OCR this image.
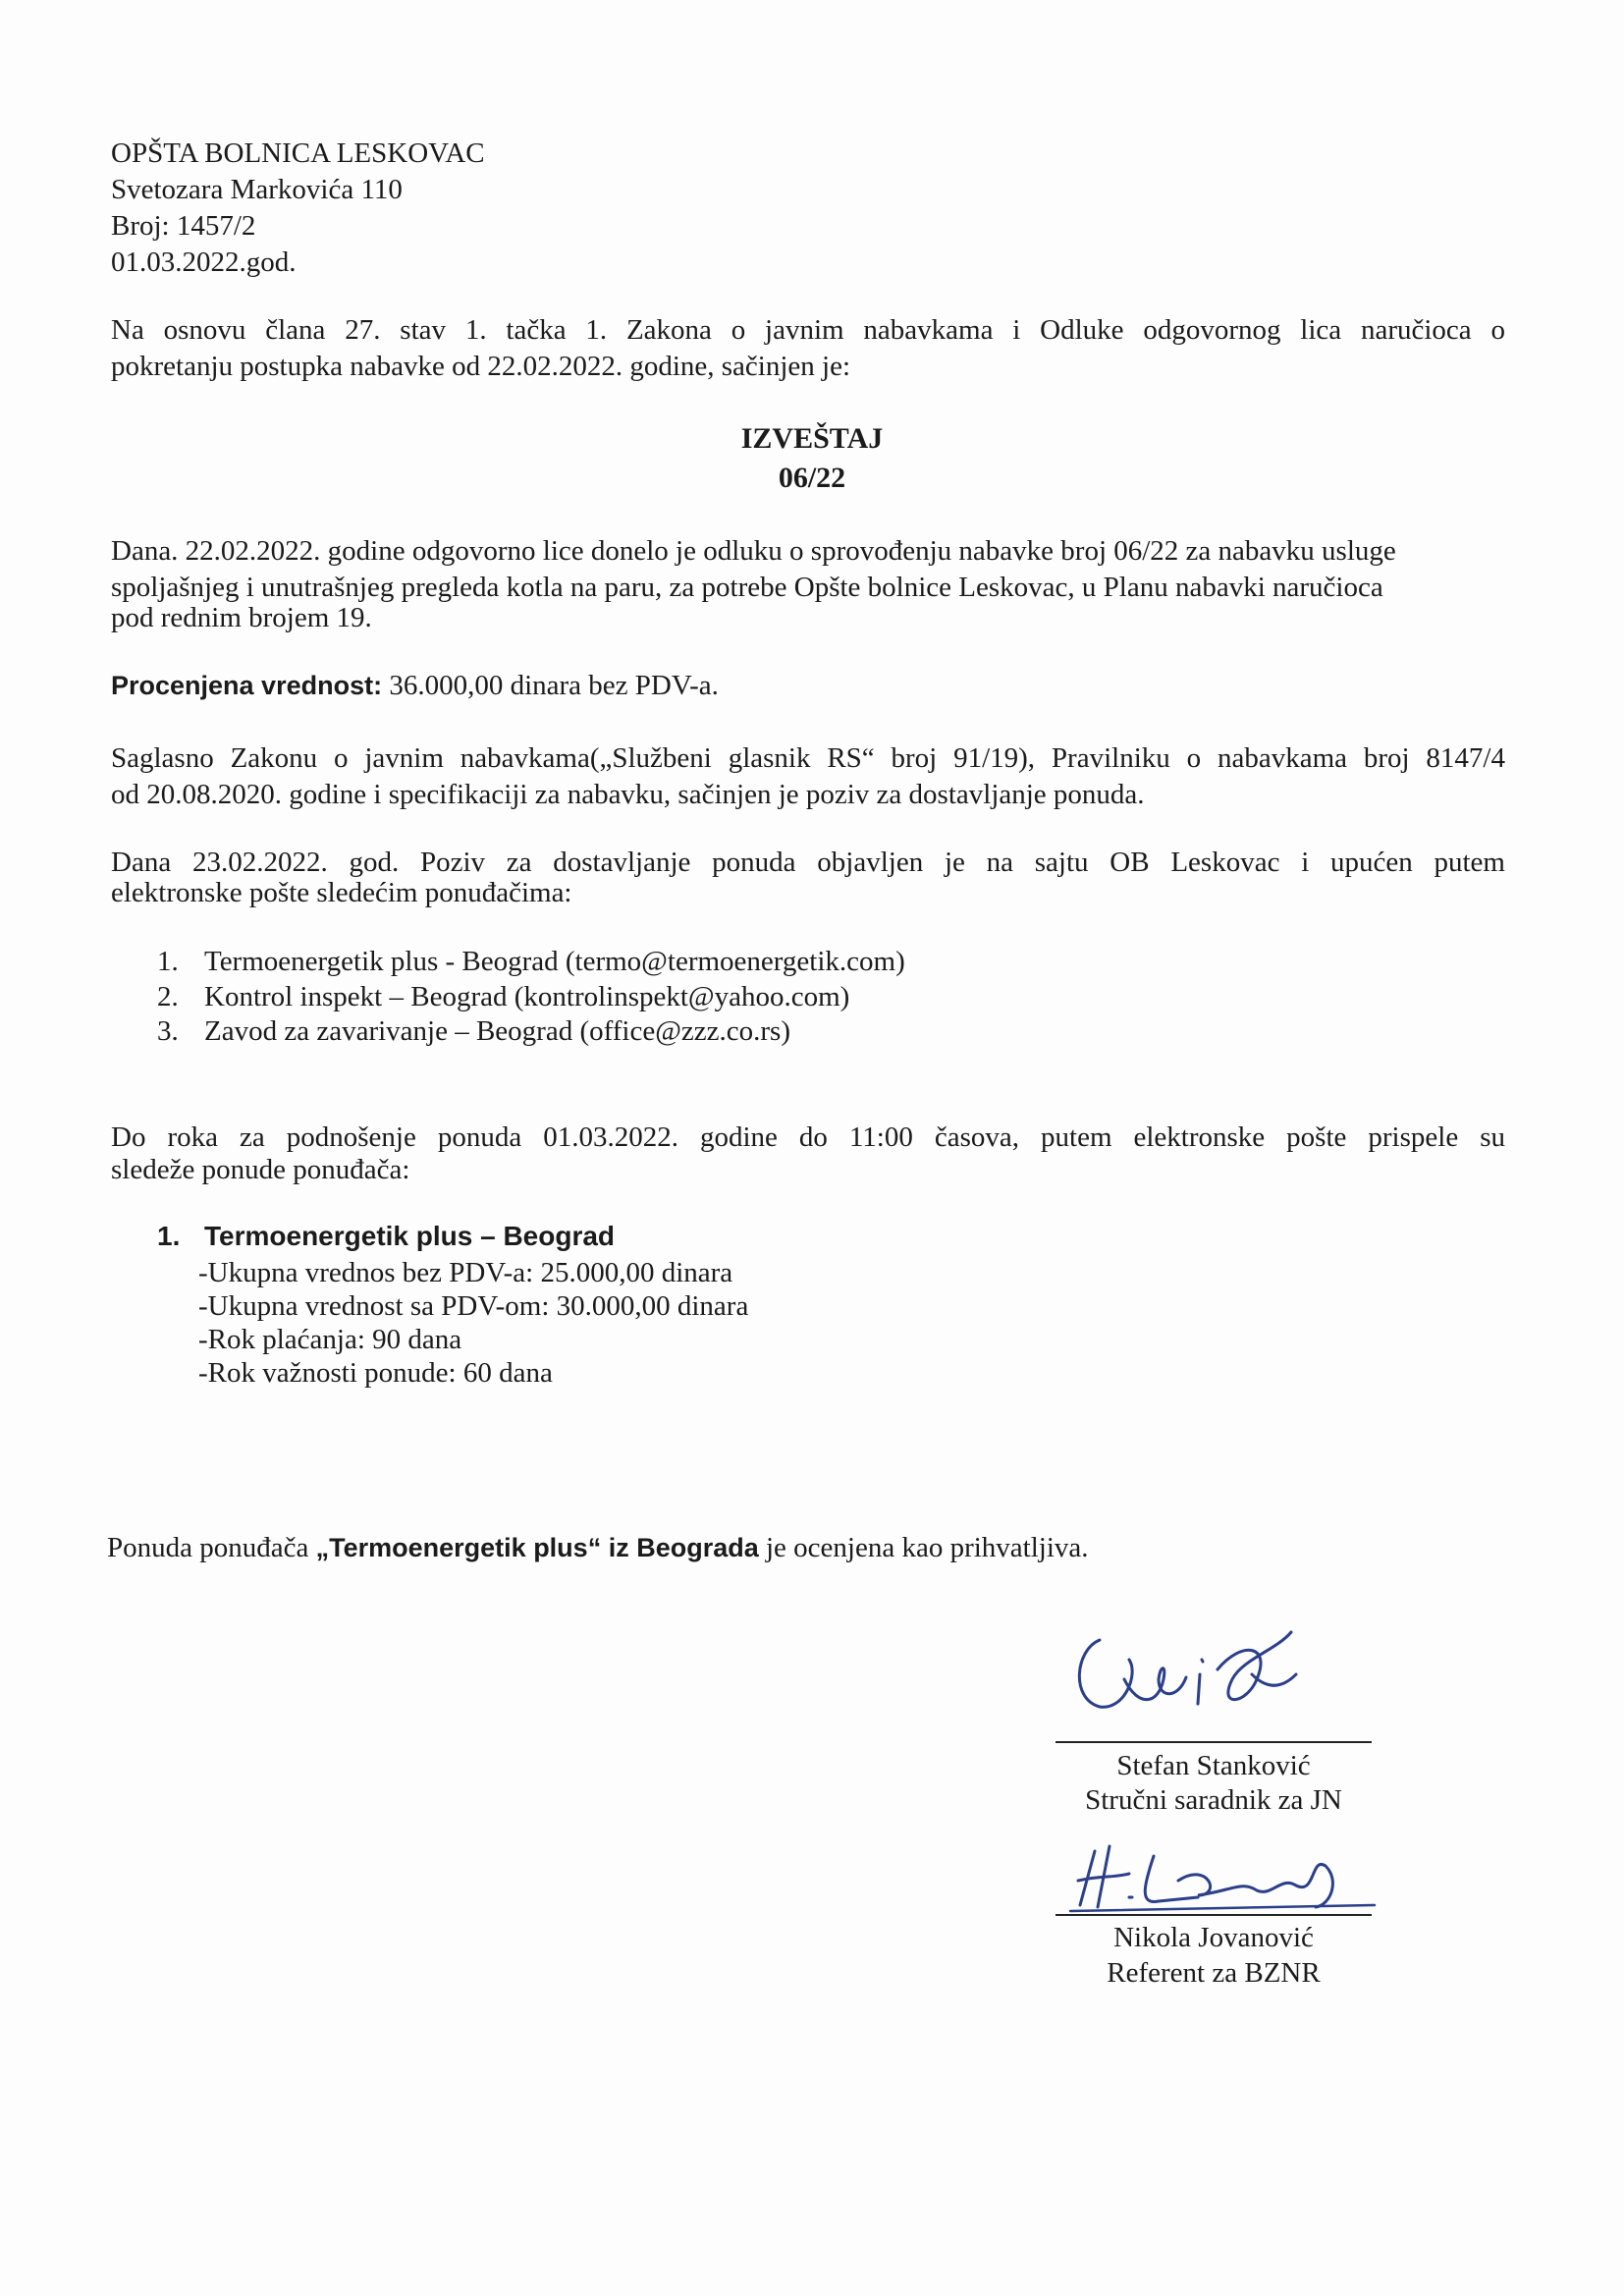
OPŠTA BOLNICA LESKOVAC
Svetozara Markovića 110
Broj: 1457/2
01.03.2022.god.
Na osnovu člana 27. stav 1. tačka 1. Zakona o javnim nabavkama i Odluke odgovornog lica naručioca o
pokretanju postupka nabavke od 22.02.2022. godine, sačinjen je:
IZVEŠTAJ
06/22
Dana. 22.02.2022. godine odgovorno lice donelo je odluku o sprovođenju nabavke broj 06/22 za nabavku usluge
spoljašnjeg i unutrašnjeg pregleda kotla na paru, za potrebe Opšte bolnice Leskovac, u Planu nabavki naručioca
pod rednim brojem 19.
Procenjena vrednost: 36.000,00 dinara bez PDV-a.
Saglasno Zakonu o javnim nabavkama(„Službeni glasnik RS“ broj 91/19), Pravilniku o nabavkama broj 8147/4
od 20.08.2020. godine i specifikaciji za nabavku, sačinjen je poziv za dostavljanje ponuda.
Dana 23.02.2022. god. Poziv za dostavljanje ponuda objavljen je na sajtu OB Leskovac i upućen putem
elektronske pošte sledećim ponuđačima:
1. Termoenergetik plus - Beograd (termo@termoenergetik.com)
2. Kontrol inspekt – Beograd (kontrolinspekt@yahoo.com)
3. Zavod za zavarivanje – Beograd (office@zzz.co.rs)
Do roka za podnošenje ponuda 01.03.2022. godine do 11:00 časova, putem elektronske pošte prispele su
sledeže ponude ponuđača:
1. Termoenergetik plus – Beograd
-Ukupna vrednos bez PDV-a: 25.000,00 dinara
-Ukupna vrednost sa PDV-om: 30.000,00 dinara
-Rok plaćanja: 90 dana
-Rok važnosti ponude: 60 dana
Ponuda ponuđača „Termoenergetik plus“ iz Beograda je ocenjena kao prihvatljiva.
Stefan Stanković
Stručni saradnik za JN
Nikola Jovanović
Referent za BZNR
